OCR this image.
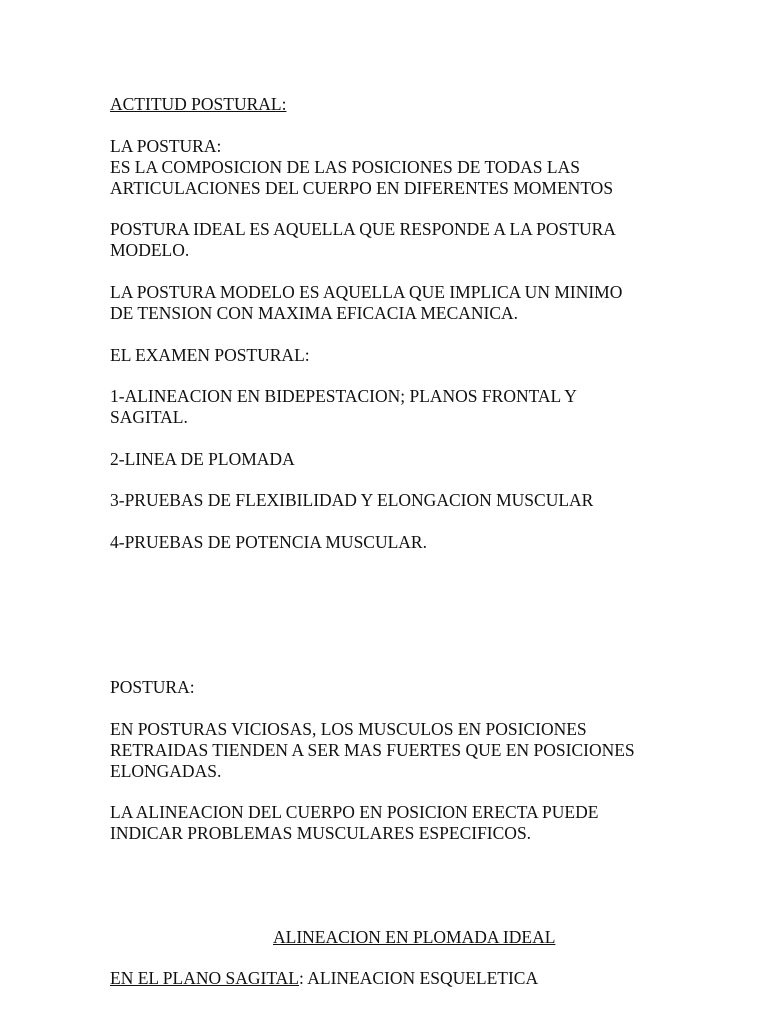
ACTITUD POSTURAL:
LA POSTURA:
ES LA COMPOSICION DE LAS POSICIONES DE TODAS LAS
ARTICULACIONES DEL CUERPO EN DIFERENTES MOMENTOS
POSTURA IDEAL ES AQUELLA QUE RESPONDE A LA POSTURA
MODELO.
LA POSTURA MODELO ES AQUELLA QUE IMPLICA UN MINIMO
DE TENSION CON MAXIMA EFICACIA MECANICA.
EL EXAMEN POSTURAL:
1-ALINEACION EN BIDEPESTACION; PLANOS FRONTAL Y
SAGITAL.
2-LINEA DE PLOMADA
3-PRUEBAS DE FLEXIBILIDAD Y ELONGACION MUSCULAR
4-PRUEBAS DE POTENCIA MUSCULAR.
POSTURA:
EN POSTURAS VICIOSAS, LOS MUSCULOS EN POSICIONES
RETRAIDAS TIENDEN A SER MAS FUERTES QUE EN POSICIONES
ELONGADAS.
LA ALINEACION DEL CUERPO EN POSICION ERECTA PUEDE
INDICAR PROBLEMAS MUSCULARES ESPECIFICOS.
ALINEACION EN PLOMADA IDEAL
EN EL PLANO SAGITAL: ALINEACION ESQUELETICA
